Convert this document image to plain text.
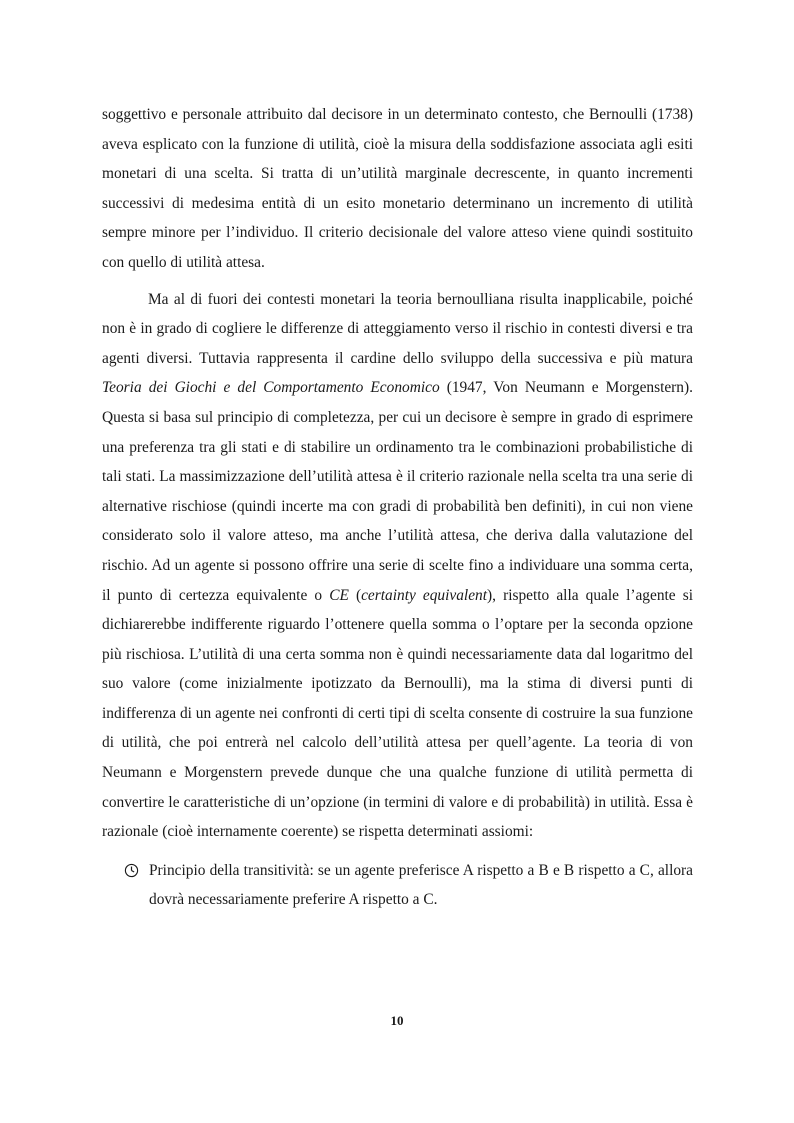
soggettivo e personale attribuito dal decisore in un determinato contesto, che Bernoulli (1738) aveva esplicato con la funzione di utilità, cioè la misura della soddisfazione associata agli esiti monetari di una scelta. Si tratta di un’utilità marginale decrescente, in quanto incrementi successivi di medesima entità di un esito monetario determinano un incremento di utilità sempre minore per l’individuo. Il criterio decisionale del valore atteso viene quindi sostituito con quello di utilità attesa.

Ma al di fuori dei contesti monetari la teoria bernoulliana risulta inapplicabile, poiché non è in grado di cogliere le differenze di atteggiamento verso il rischio in contesti diversi e tra agenti diversi. Tuttavia rappresenta il cardine dello sviluppo della successiva e più matura Teoria dei Giochi e del Comportamento Economico (1947, Von Neumann e Morgenstern). Questa si basa sul principio di completezza, per cui un decisore è sempre in grado di esprimere una preferenza tra gli stati e di stabilire un ordinamento tra le combinazioni probabilistiche di tali stati. La massimizzazione dell’utilità attesa è il criterio razionale nella scelta tra una serie di alternative rischiose (quindi incerte ma con gradi di probabilità ben definiti), in cui non viene considerato solo il valore atteso, ma anche l’utilità attesa, che deriva dalla valutazione del rischio. Ad un agente si possono offrire una serie di scelte fino a individuare una somma certa, il punto di certezza equivalente o CE (certainty equivalent), rispetto alla quale l’agente si dichiarerebbe indifferente riguardo l’ottenere quella somma o l’optare per la seconda opzione più rischiosa. L’utilità di una certa somma non è quindi necessariamente data dal logaritmo del suo valore (come inizialmente ipotizzato da Bernoulli), ma la stima di diversi punti di indifferenza di un agente nei confronti di certi tipi di scelta consente di costruire la sua funzione di utilità, che poi entrerà nel calcolo dell’utilità attesa per quell’agente. La teoria di von Neumann e Morgenstern prevede dunque che una qualche funzione di utilità permetta di convertire le caratteristiche di un’opzione (in termini di valore e di probabilità) in utilità. Essa è razionale (cioè internamente coerente) se rispetta determinati assiomi:

Principio della transitività: se un agente preferisce A rispetto a B e B rispetto a C, allora dovrà necessariamente preferire A rispetto a C.
10
